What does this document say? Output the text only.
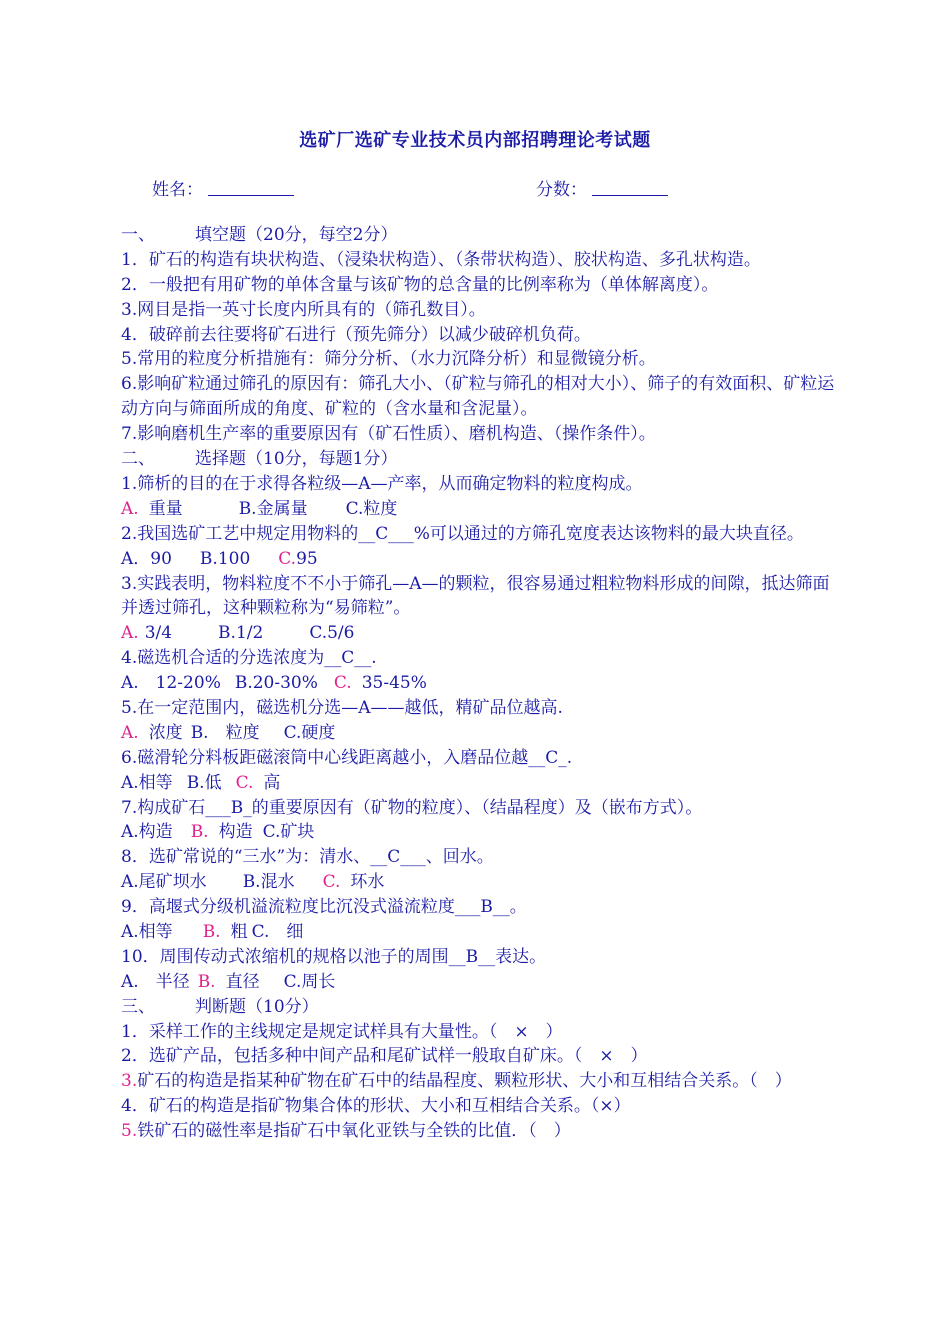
选矿厂选矿专业技术员内部招聘理论考试题
姓名：	分数：
一、 填空题（20分，每空2分）
1．矿石的构造有块状构造、（浸染状构造）、（条带状构造）、胶状构造、多孔状构造。
2．一般把有用矿物的单体含量与该矿物的总含量的比例率称为（单体解离度）。
3.网目是指一英寸长度内所具有的（筛孔数目）。
4．破碎前去往要将矿石进行（预先筛分）以减少破碎机负荷。
5.常用的粒度分析措施有：筛分分析、（水力沉降分析）和显微镜分析。
6.影响矿粒通过筛孔的原因有：筛孔大小、（矿粒与筛孔的相对大小）、筛子的有效面积、矿粒运动方向与筛面所成的角度、矿粒的（含水量和含泥量）。
7.影响磨机生产率的重要原因有（矿石性质）、磨机构造、（操作条件）。
二、 选择题（10分，每题1分）
1.筛析的目的在于求得各粒级—A—产率，从而确定物料的粒度构成。
A. 重量	B.金属量 C.粒度
2.我国选矿工艺中规定用物料的__C___%可以通过的方筛孔宽度表达该物料的最大块直径。
A．90 B.100 C.95
3.实践表明，物料粒度不不小于筛孔—A—的颗粒，很容易通过粗粒物料形成的间隙，抵达筛面并透过筛孔，这种颗粒称为“易筛粒”。
A. 3/4	B.1/2	C.5/6
4.磁选机合适的分选浓度为__C__.
A.　12-20% B.20-30% C. 35-45%
5.在一定范围内，磁选机分选—A——越低，精矿品位越高.
A. 浓度 B.　粒度 C.硬度
6.磁滑轮分料板距磁滚筒中心线距离越小，入磨品位越__C_.
A.相等 B.低 C. 高
7.构成矿石___B_的重要原因有（矿物的粒度）、（结晶程度）及（嵌布方式）。
A.构造 B. 构造 C.矿块
8．选矿常说的“三水”为：清水、__C___、回水。
A.尾矿坝水 B.混水 C. 环水
9．高堰式分级机溢流粒度比沉没式溢流粒度___B__。
A.相等 B. 粗 C.　细
10．周围传动式浓缩机的规格以池子的周围__B__表达。
A.　半径 B. 直径 C.周长
三、 判断题（10分）
1．采样工作的主线规定是规定试样具有大量性。（　×　）
2．选矿产品，包括多种中间产品和尾矿试样一般取自矿床。（　×　）
3.矿石的构造是指某种矿物在矿石中的结晶程度、颗粒形状、大小和互相结合关系。（　）
4．矿石的构造是指矿物集合体的形状、大小和互相结合关系。（×）
5.铁矿石的磁性率是指矿石中氧化亚铁与全铁的比值．（　）
